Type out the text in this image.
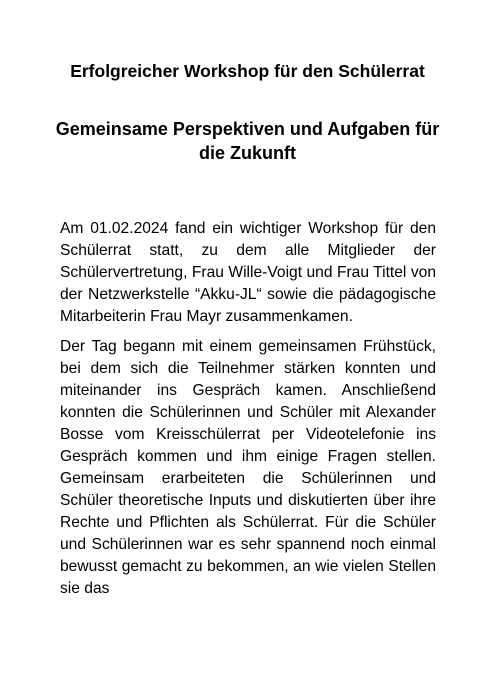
Erfolgreicher Workshop für den Schülerrat
Gemeinsame Perspektiven und Aufgaben für die Zukunft

Am 01.02.2024 fand ein wichtiger Workshop für den Schülerrat statt, zu dem alle Mitglieder der Schülervertretung, Frau Wille-Voigt und Frau Tittel von der Netzwerkstelle “Akku-JL“ sowie die pädagogische Mitarbeiterin Frau Mayr zusammenkamen.

Der Tag begann mit einem gemeinsamen Frühstück, bei dem sich die Teilnehmer stärken konnten und miteinander ins Gespräch kamen. Anschließend konnten die Schülerinnen und Schüler mit Alexander Bosse vom Kreisschülerrat per Videotelefonie ins Gespräch kommen und ihm einige Fragen stellen. Gemeinsam erarbeiteten die Schülerinnen und Schüler theoretische Inputs und diskutierten über ihre Rechte und Pflichten als Schülerrat. Für die Schüler und Schülerinnen war es sehr spannend noch einmal bewusst gemacht zu bekommen, an wie vielen Stellen sie das
